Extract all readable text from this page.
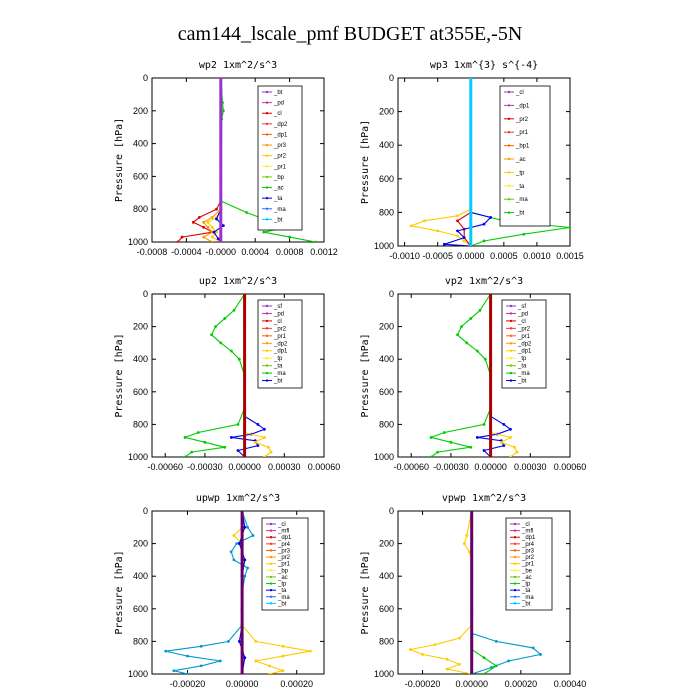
cam144_lscale_pmf BUDGET at355E,-5N
wp2 1xm^2/s^3
Pressure [hPa]
0
200
400
600
800
1000
-0.0008 -0.0004 -0.0000 0.0004 0.0008 0.0012
_bt
_pd
_cl
_dp2
_dp1
_pr3
_pr2
_pr1
_bp
_ac
_ta
_ma
_bt
wp3 1xm^{3} s^{-4}
Pressure [hPa]
0
200
400
600
800
1000
-0.0010 -0.0005 0.0000 0.0005 0.0010 0.0015
_cl
_dp1
_pr2
_pr1
_bp1
_ac
_tp
_ta
_ma
_bt
up2 1xm^2/s^3
Pressure [hPa]
0
200
400
600
800
1000
-0.00060 -0.00030 0.00000 0.00030 0.00060
_sf
_pd
_cl
_pr2
_pr1
_dp2
_dp1
_tp
_ta
_ma
_bt
vp2 1xm^2/s^3
Pressure [hPa]
0
200
400
600
800
1000
-0.00060 -0.00030 0.00000 0.00030 0.00060
_sf
_pd
_cl
_pr2
_pr1
_dp2
_dp1
_tp
_ta
_ma
_bt
upwp 1xm^2/s^3
Pressure [hPa]
0
200
400
600
800
1000
-0.00020 0.00000 0.00020
_cl
_mfl
_dp1
_pr4
_pr3
_pr2
_pr1
_bp
_ac
_tp
_ta
_ma
_bt
vpwp 1xm^2/s^3
Pressure [hPa]
0
200
400
600
800
1000
-0.00020 0.00000 0.00020 0.00040
_cl
_mfl
_dp1
_pr4
_pr3
_pr2
_pr1
_be
_ac
_tp
_ta
_ma
_bt
